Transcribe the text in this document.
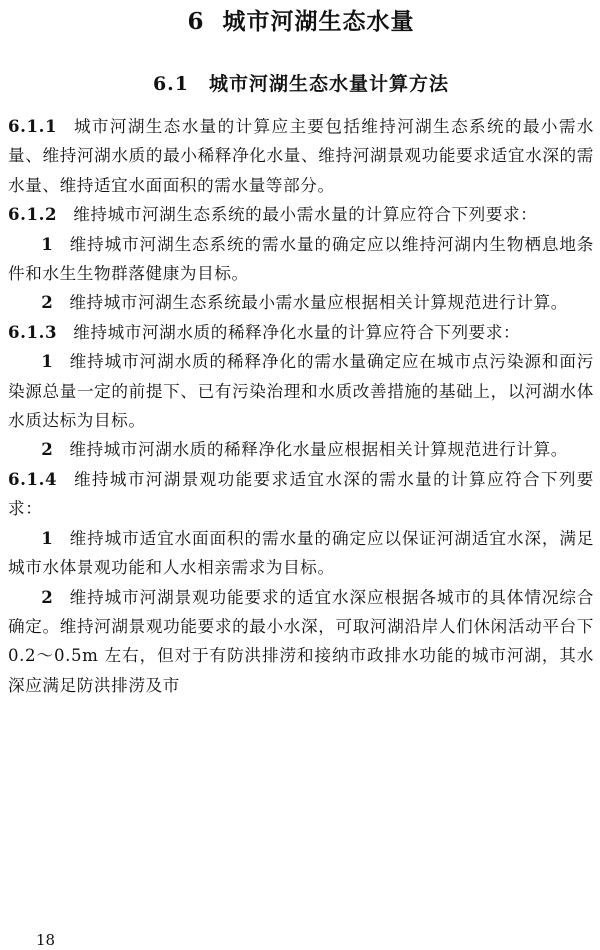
6 城市河湖生态水量
6.1 城市河湖生态水量计算方法

6.1.1 城市河湖生态水量的计算应主要包括维持河湖生态系统的最小需水量、维持河湖水质的最小稀释净化水量、维持河湖景观功能要求适宜水深的需水量、维持适宜水面面积的需水量等部分。

6.1.2 维持城市河湖生态系统的最小需水量的计算应符合下列要求：

1 维持城市河湖生态系统的需水量的确定应以维持河湖内生物栖息地条件和水生生物群落健康为目标。

2 维持城市河湖生态系统最小需水量应根据相关计算规范进行计算。

6.1.3 维持城市河湖水质的稀释净化水量的计算应符合下列要求：

1 维持城市河湖水质的稀释净化的需水量确定应在城市点污染源和面污染源总量一定的前提下、已有污染治理和水质改善措施的基础上，以河湖水体水质达标为目标。

2 维持城市河湖水质的稀释净化水量应根据相关计算规范进行计算。

6.1.4 维持城市河湖景观功能要求适宜水深的需水量的计算应符合下列要求：

1 维持城市适宜水面面积的需水量的确定应以保证河湖适宜水深，满足城市水体景观功能和人水相亲需求为目标。

2 维持城市河湖景观功能要求的适宜水深应根据各城市的具体情况综合确定。维持河湖景观功能要求的最小水深，可取河湖沿岸人们休闲活动平台下 0.2～0.5m 左右，但对于有防洪排涝和接纳市政排水功能的城市河湖，其水深应满足防洪排涝及市

18
